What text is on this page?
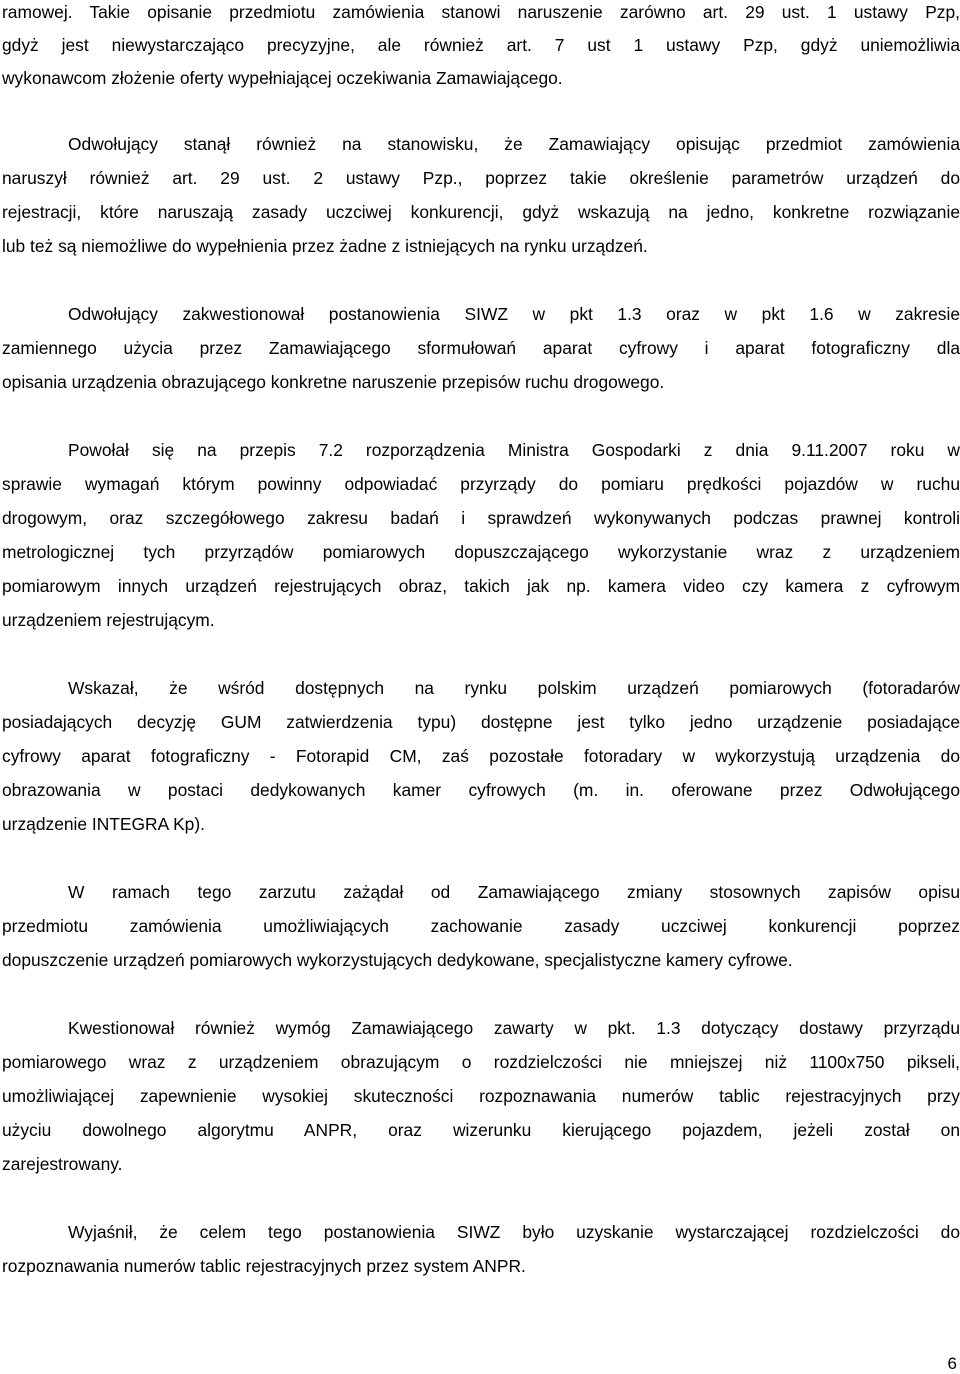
ramowej. Takie opisanie przedmiotu zamówienia stanowi naruszenie zarówno art. 29 ust. 1 ustawy Pzp,
gdyż jest niewystarczająco precyzyjne, ale również art. 7 ust 1 ustawy Pzp, gdyż uniemożliwia
wykonawcom złożenie oferty wypełniającej oczekiwania Zamawiającego.
Odwołujący stanął również na stanowisku, że Zamawiający opisując przedmiot zamówienia
naruszył również art. 29 ust. 2 ustawy Pzp., poprzez takie określenie parametrów urządzeń do
rejestracji, które naruszają zasady uczciwej konkurencji, gdyż wskazują na jedno, konkretne rozwiązanie
lub też są niemożliwe do wypełnienia przez żadne z istniejących na rynku urządzeń.
Odwołujący zakwestionował postanowienia SIWZ w pkt 1.3 oraz w pkt 1.6 w zakresie
zamiennego użycia przez Zamawiającego sformułowań aparat cyfrowy i aparat fotograficzny dla
opisania urządzenia obrazującego konkretne naruszenie przepisów ruchu drogowego.
Powołał się na przepis 7.2 rozporządzenia Ministra Gospodarki z dnia 9.11.2007 roku w
sprawie wymagań którym powinny odpowiadać przyrządy do pomiaru prędkości pojazdów w ruchu
drogowym, oraz szczegółowego zakresu badań i sprawdzeń wykonywanych podczas prawnej kontroli
metrologicznej tych przyrządów pomiarowych dopuszczającego wykorzystanie wraz z urządzeniem
pomiarowym innych urządzeń rejestrujących obraz, takich jak np. kamera video czy kamera z cyfrowym
urządzeniem rejestrującym.
Wskazał, że wśród dostępnych na rynku polskim urządzeń pomiarowych (fotoradarów
posiadających decyzję GUM zatwierdzenia typu) dostępne jest tylko jedno urządzenie posiadające
cyfrowy aparat fotograficzny - Fotorapid CM, zaś pozostałe fotoradary w wykorzystują urządzenia do
obrazowania w postaci dedykowanych kamer cyfrowych (m. in. oferowane przez Odwołującego
urządzenie INTEGRA Kp).
W ramach tego zarzutu zażądał od Zamawiającego zmiany stosownych zapisów opisu
przedmiotu zamówienia umożliwiających zachowanie zasady uczciwej konkurencji poprzez
dopuszczenie urządzeń pomiarowych wykorzystujących dedykowane, specjalistyczne kamery cyfrowe.
Kwestionował również wymóg Zamawiającego zawarty w pkt. 1.3 dotyczący dostawy przyrządu
pomiarowego wraz z urządzeniem obrazującym o rozdzielczości nie mniejszej niż 1100x750 pikseli,
umożliwiającej zapewnienie wysokiej skuteczności rozpoznawania numerów tablic rejestracyjnych przy
użyciu dowolnego algorytmu ANPR, oraz wizerunku kierującego pojazdem, jeżeli został on
zarejestrowany.
Wyjaśnił, że celem tego postanowienia SIWZ było uzyskanie wystarczającej rozdzielczości do
rozpoznawania numerów tablic rejestracyjnych przez system ANPR.
6
